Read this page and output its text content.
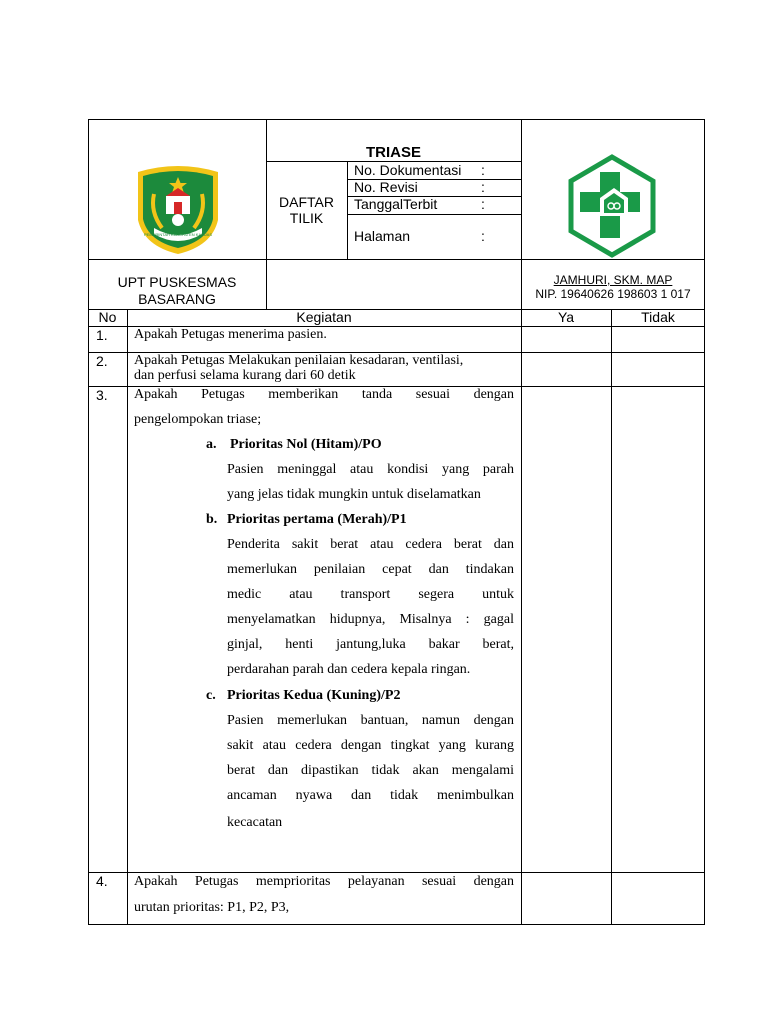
PEMERINTAH KABUPATEN KAPUAS
TRIASE
DAFTAR
TILIK
No. Dokumentasi :
No. Revisi	:
TanggalTerbit	:
Halaman	:
UPT PUSKESMAS
BASARANG
JAMHURI, SKM. MAP
NIP. 19640626 198603 1 017
No	Kegiatan	Ya	Tidak
1. Apakah Petugas menerima pasien.
2. Apakah Petugas Melakukan penilaian kesadaran, ventilasi,
dan perfusi selama kurang dari 60 detik
3. Apakah Petugas memberikan tanda sesuai dengan
pengelompokan triase;
a. Prioritas Nol (Hitam)/PO
Pasien meninggal atau kondisi yang parah
yang jelas tidak mungkin untuk diselamatkan
b. Prioritas pertama (Merah)/P1
Penderita sakit berat atau cedera berat dan
memerlukan penilaian cepat dan tindakan
medic atau transport segera untuk
menyelamatkan hidupnya, Misalnya : gagal
ginjal, henti jantung,luka bakar berat,
perdarahan parah dan cedera kepala ringan.
c. Prioritas Kedua (Kuning)/P2
Pasien memerlukan bantuan, namun dengan
sakit atau cedera dengan tingkat yang kurang
berat dan dipastikan tidak akan mengalami
ancaman nyawa dan tidak menimbulkan
kecacatan
4. Apakah Petugas memprioritas pelayanan sesuai dengan
urutan prioritas: P1, P2, P3,
